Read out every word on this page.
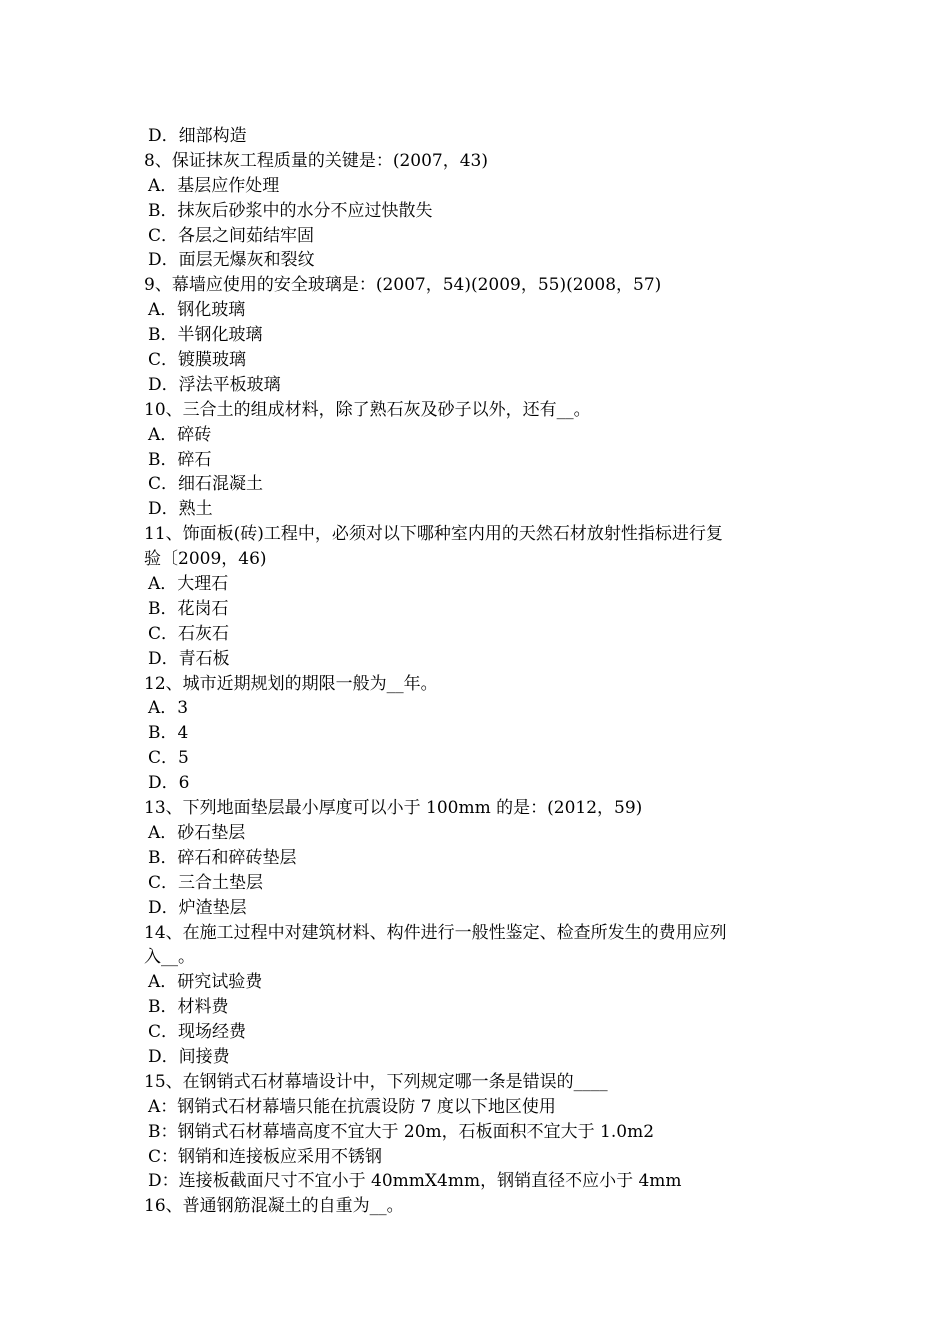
D．细部构造
8、保证抹灰工程质量的关键是：(2007，43)
A．基层应作处理
B．抹灰后砂浆中的水分不应过快散失
C．各层之间茹结牢固
D．面层无爆灰和裂纹
9、幕墙应使用的安全玻璃是：(2007，54)(2009，55)(2008，57)
A．钢化玻璃
B．半钢化玻璃
C．镀膜玻璃
D．浮法平板玻璃
10、三合土的组成材料，除了熟石灰及砂子以外，还有__。
A．碎砖
B．碎石
C．细石混凝土
D．熟土
11、饰面板(砖)工程中，必须对以下哪种室内用的天然石材放射性指标进行复
验〔2009，46)
A．大理石
B．花岗石
C．石灰石
D．青石板
12、城市近期规划的期限一般为__年。
A．3
B．4
C．5
D．6
13、下列地面垫层最小厚度可以小于 100mm 的是：(2012，59)
A．砂石垫层
B．碎石和碎砖垫层
C．三合土垫层
D．炉渣垫层
14、在施工过程中对建筑材料、构件进行一般性鉴定、检查所发生的费用应列
入__。
A．研究试验费
B．材料费
C．现场经费
D．间接费
15、在钢销式石材幕墙设计中，下列规定哪一条是错误的____
A：钢销式石材幕墙只能在抗震设防 7 度以下地区使用
B：钢销式石材幕墙高度不宜大于 20m，石板面积不宜大于 1.0m2
C：钢销和连接板应采用不锈钢
D：连接板截面尺寸不宜小于 40mmX4mm，钢销直径不应小于 4mm
16、普通钢筋混凝土的自重为__。
